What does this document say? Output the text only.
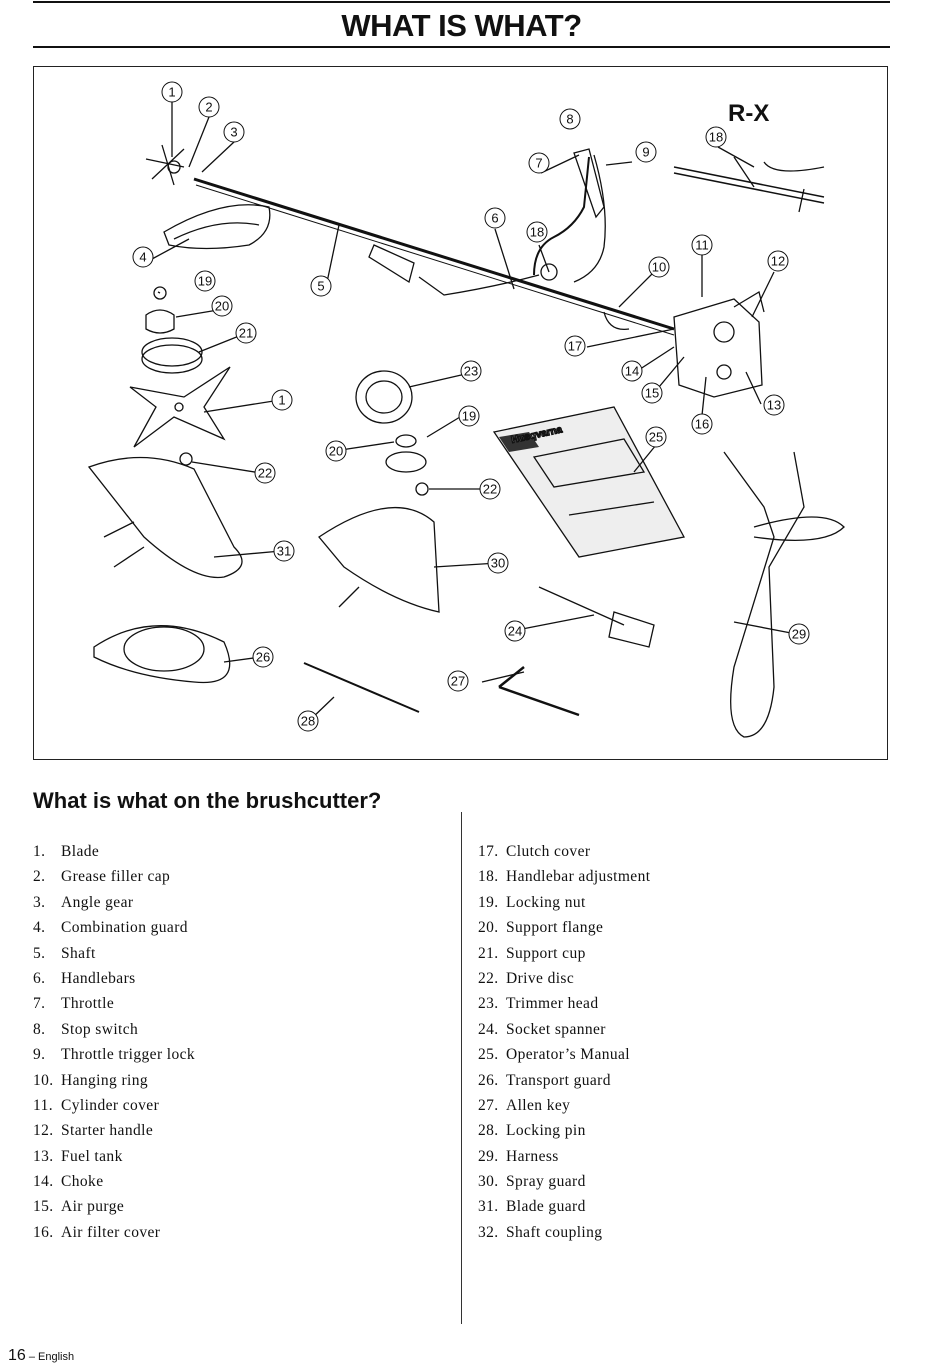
WHAT IS WHAT?
R-X
Husqvarna
1
2
3
8
7
9
18
6
18
11
12
10
4
19
20
21
5
17
23	14
15
13
1
19
16
25
20
22
22
31
30
24	29
26
27
28
What is what on the brushcutter?
1. Blade
2. Grease filler cap
3. Angle gear
4. Combination guard
5. Shaft
6. Handlebars
7. Throttle
8. Stop switch
9. Throttle trigger lock
10. Hanging ring
11. Cylinder cover
12. Starter handle
13. Fuel tank
14. Choke
15. Air purge
16. Air filter cover
17. Clutch cover
18. Handlebar adjustment
19. Locking nut
20. Support flange
21. Support cup
22. Drive disc
23. Trimmer head
24. Socket spanner
25. Operator’s Manual
26. Transport guard
27. Allen key
28. Locking pin
29. Harness
30. Spray guard
31. Blade guard
32. Shaft coupling
16 – English
